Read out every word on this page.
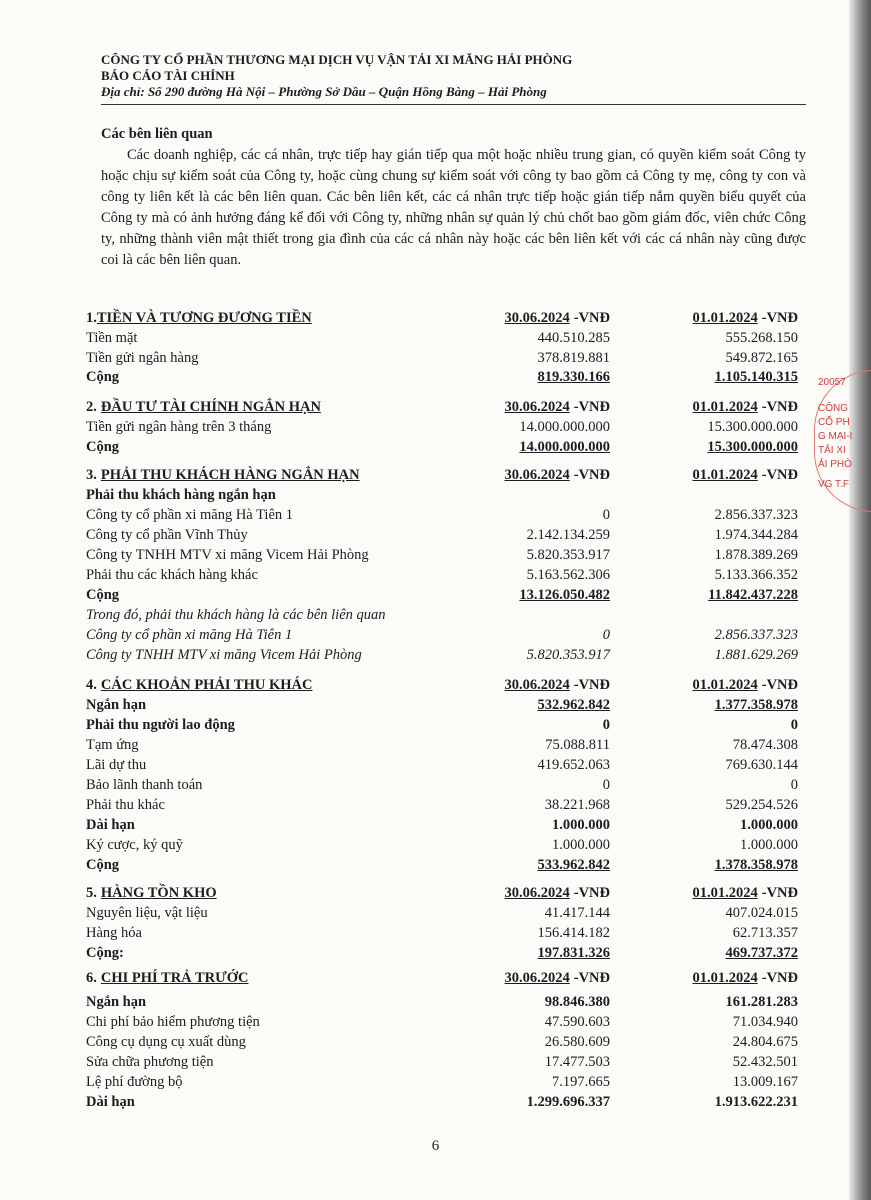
CÔNG TY CỔ PHẦN THƯƠNG MẠI DỊCH VỤ VẬN TẢI XI MĂNG HẢI PHÒNG
BÁO CÁO TÀI CHÍNH
Địa chỉ: Số 290 đường Hà Nội – Phường Sở Dầu – Quận Hồng Bàng – Hải Phòng
Các bên liên quan
Các doanh nghiệp, các cá nhân, trực tiếp hay gián tiếp qua một hoặc nhiều trung gian, có quyền kiểm soát Công ty hoặc chịu sự kiểm soát của Công ty, hoặc cùng chung sự kiểm soát với công ty bao gồm cả Công ty mẹ, công ty con và công ty liên kết là các bên liên quan. Các bên liên kết, các cá nhân trực tiếp hoặc gián tiếp nắm quyền biểu quyết của Công ty mà có ảnh hưởng đáng kể đối với Công ty, những nhân sự quản lý chủ chốt bao gồm giám đốc, viên chức Công ty, những thành viên mật thiết trong gia đình của các cá nhân này hoặc các bên liên kết với các cá nhân này cũng được coi là các bên liên quan.
1.TIỀN VÀ TƯƠNG ĐƯƠNG TIỀN	30.06.2024 -VNĐ	01.01.2024 -VNĐ
Tiền mặt	440.510.285	555.268.150
Tiền gửi ngân hàng	378.819.881	549.872.165
Cộng	819.330.166	1.105.140.315
2. ĐẦU TƯ TÀI CHÍNH NGẮN HẠN	30.06.2024 -VNĐ	01.01.2024 -VNĐ
Tiền gửi ngân hàng trên 3 tháng	14.000.000.000	15.300.000.000
Cộng	14.000.000.000	15.300.000.000
3. PHẢI THU KHÁCH HÀNG NGẮN HẠN	30.06.2024 -VNĐ	01.01.2024 -VNĐ
Phải thu khách hàng ngắn hạn
Công ty cổ phần xi măng Hà Tiên 1	0	2.856.337.323
Công ty cổ phần Vĩnh Thủy	2.142.134.259	1.974.344.284
Công ty TNHH MTV xi măng Vicem Hải Phòng	5.820.353.917	1.878.389.269
Phải thu các khách hàng khác	5.163.562.306	5.133.366.352
Cộng	13.126.050.482	11.842.437.228
Trong đó, phải thu khách hàng là các bên liên quan
Công ty cổ phần xi măng Hà Tiên 1	0	2.856.337.323
Công ty TNHH MTV xi măng Vicem Hải Phòng	5.820.353.917	1.881.629.269
4. CÁC KHOẢN PHẢI THU KHÁC	30.06.2024 -VNĐ	01.01.2024 -VNĐ
Ngắn hạn	532.962.842	1.377.358.978
Phải thu người lao động	0	0
Tạm ứng	75.088.811	78.474.308
Lãi dự thu	419.652.063	769.630.144
Bảo lãnh thanh toán	0	0
Phải thu khác	38.221.968	529.254.526
Dài hạn	1.000.000	1.000.000
Ký cược, ký quỹ	1.000.000	1.000.000
Cộng	533.962.842	1.378.358.978
5. HÀNG TỒN KHO	30.06.2024 -VNĐ	01.01.2024 -VNĐ
Nguyên liệu, vật liệu	41.417.144	407.024.015
Hàng hóa	156.414.182	62.713.357
Cộng:	197.831.326	469.737.372
6. CHI PHÍ TRẢ TRƯỚC	30.06.2024 -VNĐ	01.01.2024 -VNĐ
Ngắn hạn	98.846.380	161.281.283
Chi phí bảo hiểm phương tiện	47.590.603	71.034.940
Công cụ dụng cụ xuất dùng	26.580.609	24.804.675
Sửa chữa phương tiện	17.477.503	52.432.501
Lệ phí đường bộ	7.197.665	13.009.167
Dài hạn	1.299.696.337	1.913.622.231
6
20057
CÔNG
CỔ PH
G MẠI-I
TẢI XI
ẢI PHÒ
VG T.F
